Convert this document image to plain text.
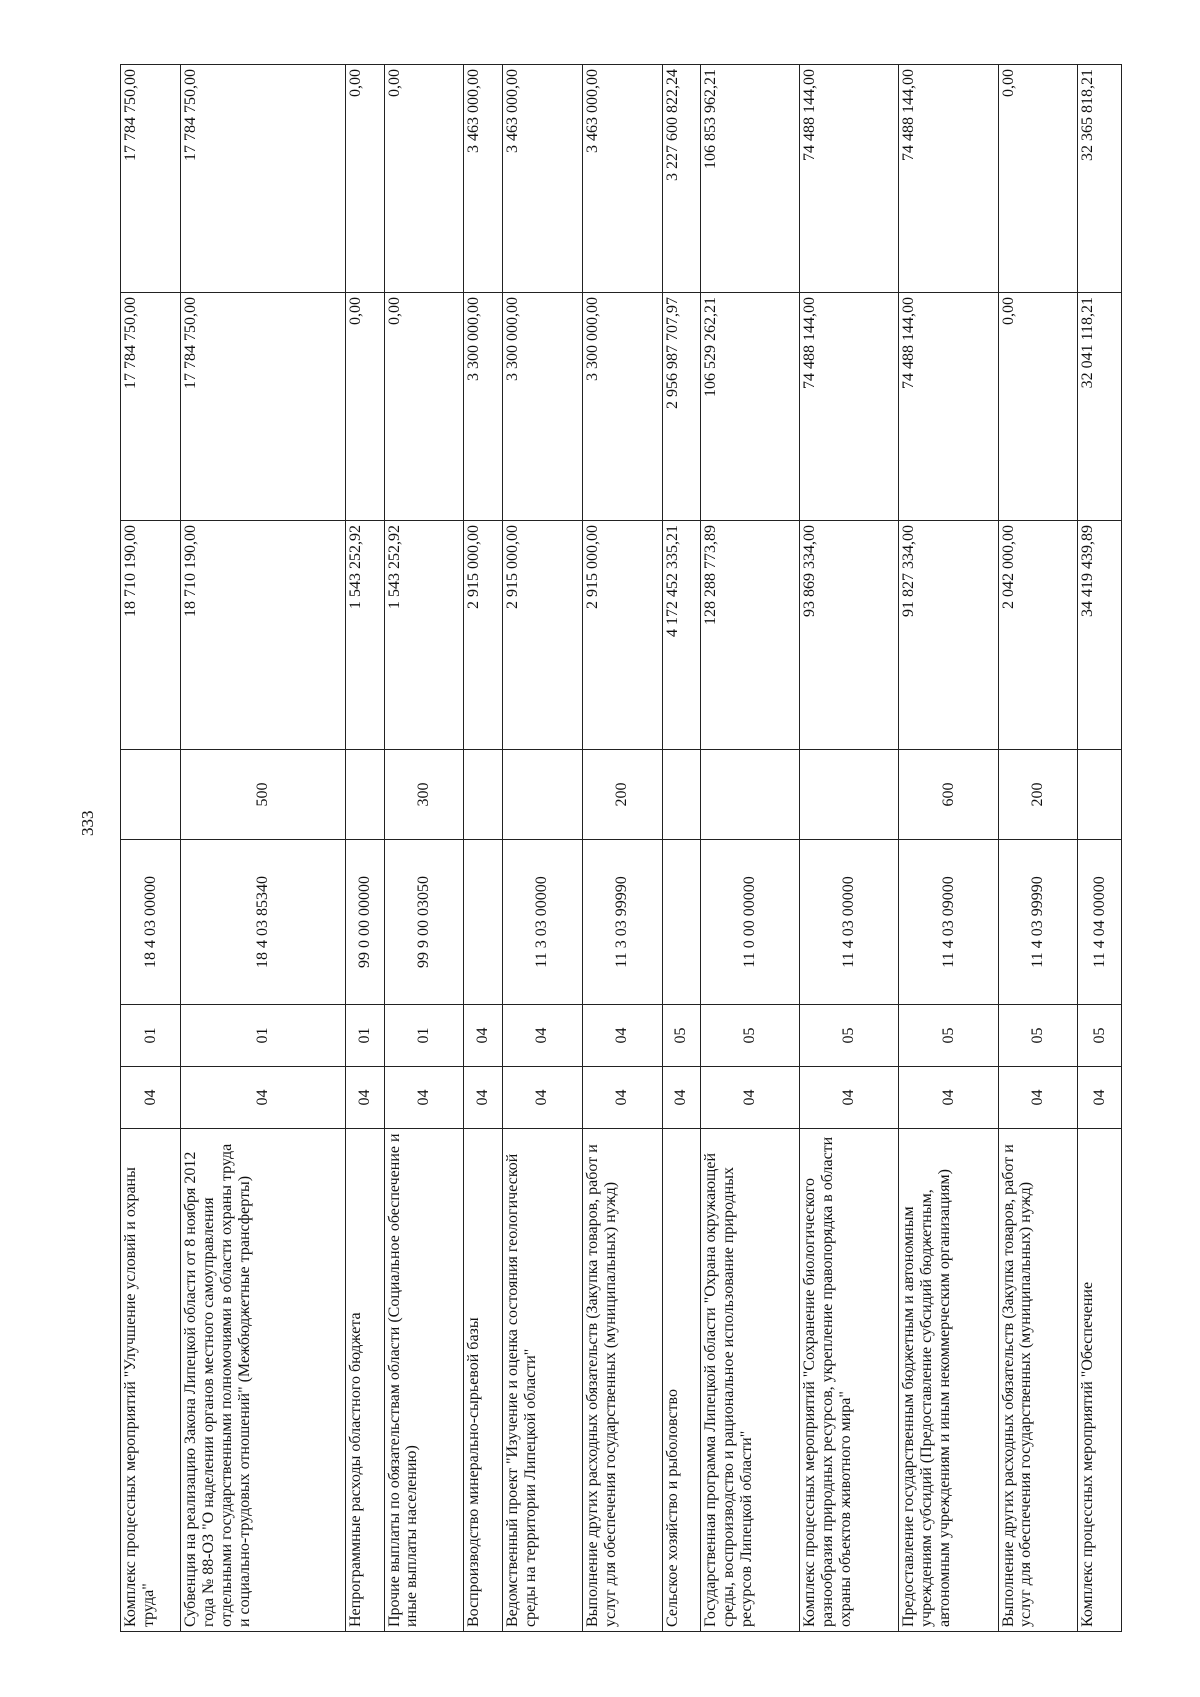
333
Комплекс процессных мероприятий "Улучшение условий и охраны труда"	04	01	18 4 03 00000		18 710 190,00	17 784 750,00	17 784 750,00
Субвенция на реализацию Закона Липецкой области от 8 ноября 2012 года № 88-ОЗ "О наделении органов местного самоуправления отдельными государственными полномочиями в области охраны труда и социально-трудовых отношений" (Межбюджетные трансферты)	04	01	18 4 03 85340	500	18 710 190,00	17 784 750,00	17 784 750,00
Непрограммные расходы областного бюджета	04	01	99 0 00 00000		1 543 252,92	0,00	0,00
Прочие выплаты по обязательствам области (Социальное обеспечение и иные выплаты населению)	04	01	99 9 00 03050	300	1 543 252,92	0,00	0,00
Воспроизводство минерально-сырьевой базы	04	04			2 915 000,00	3 300 000,00	3 463 000,00
Ведомственный проект "Изучение и оценка состояния геологической среды на территории Липецкой области"	04	04	11 3 03 00000		2 915 000,00	3 300 000,00	3 463 000,00
Выполнение других расходных обязательств (Закупка товаров, работ и услуг для обеспечения государственных (муниципальных) нужд)	04	04	11 3 03 99990	200	2 915 000,00	3 300 000,00	3 463 000,00
Сельское хозяйство и рыболовство	04	05			4 172 452 335,21	2 956 987 707,97	3 227 600 822,24
Государственная программа Липецкой области "Охрана окружающей среды, воспроизводство и рациональное использование природных ресурсов Липецкой области"	04	05	11 0 00 00000		128 288 773,89	106 529 262,21	106 853 962,21
Комплекс процессных мероприятий "Сохранение биологического разнообразия природных ресурсов, укрепление правопорядка в области охраны объектов животного мира"	04	05	11 4 03 00000		93 869 334,00	74 488 144,00	74 488 144,00
Предоставление государственным бюджетным и автономным учреждениям субсидий (Предоставление субсидий бюджетным, автономным учреждениям и иным некоммерческим организациям)	04	05	11 4 03 09000	600	91 827 334,00	74 488 144,00	74 488 144,00
Выполнение других расходных обязательств (Закупка товаров, работ и услуг для обеспечения государственных (муниципальных) нужд)	04	05	11 4 03 99990	200	2 042 000,00	0,00	0,00
Комплекс процессных мероприятий "Обеспечение	04	05	11 4 04 00000		34 419 439,89	32 041 118,21	32 365 818,21
